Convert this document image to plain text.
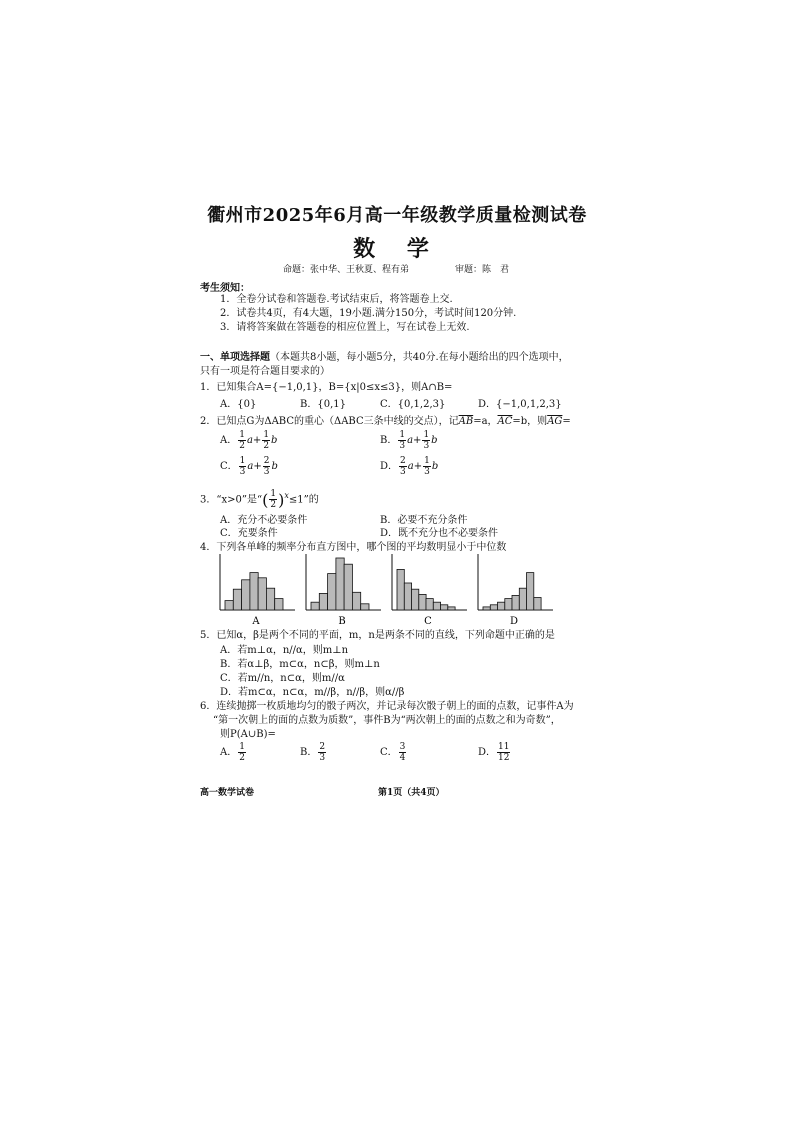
衢州市2025年6月高一年级教学质量检测试卷
数 学
命题：张中华、王秋夏、程有弟	审题：陈　君
考生须知：
1．全卷分试卷和答题卷.考试结束后，将答题卷上交.
2．试卷共4页，有4大题，19小题.满分150分，考试时间120分钟.
3．请将答案做在答题卷的相应位置上，写在试卷上无效.
一、单项选择题（本题共8小题，每小题5分，共40分.在每小题给出的四个选项中，
只有一项是符合题目要求的）
1．已知集合A={−1,0,1}，B={x|0≤x≤3}，则A∩B=
A．{0}	B．{0,1}	C．{0,1,2,3}	D．{−1,0,1,2,3}
2．已知点G为ΔABC的重心（ΔABC三条中线的交点），记$\overline{AB}=a$，$\overline{AC}=b$，则$\overline{AG}=$
A． $\frac{1}{2} a+ \frac{1}{2}$ b	B． $\frac{1}{3} a+ \frac{1}{3}$ b
C． $\frac{1}{3} a+ \frac{2}{3}$ b	D． $\frac{2}{3} a+ \frac{1}{3}$ b
3．“x>0”是“( $\frac{1}{2} )^x\le 1$”的
A．充分不必要条件	B．必要不充分条件
C．充要条件	D．既不充分也不必要条件
4．下列各单峰的频率分布直方图中，哪个图的平均数明显小于中位数
A	B	C	D
5．已知α，β是两个不同的平面，m，n是两条不同的直线，下列命题中正确的是
A．若m⊥α，n//α，则m⊥n
B．若α⊥β，m⊂α，n⊂β，则m⊥n
C．若m//n，n⊂α，则m//α
D．若m⊂α，n⊂α，m//β，n//β，则α//β
6．连续抛掷一枚质地均匀的骰子两次，并记录每次骰子朝上的面的点数，记事件A为
“第一次朝上的面的点数为质数”，事件B为“两次朝上的面的点数之和为奇数”，
则P(A∪B)=
A． $\frac{1}{2}$	B． $\frac{2}{3}$	C． $\frac{3}{4}$	D． $\frac{11}{12}$
高一数学试卷	第1页（共4页）
